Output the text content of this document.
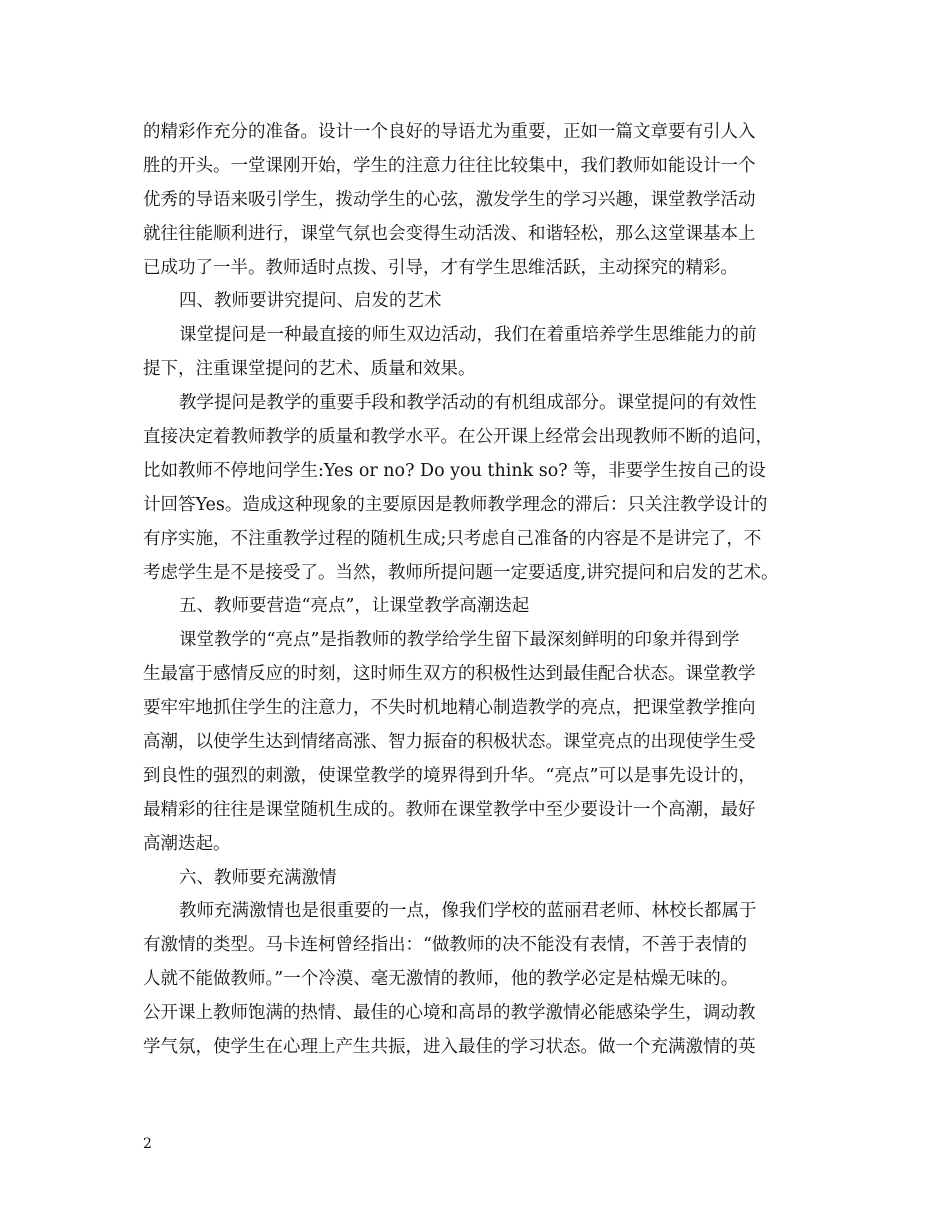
的精彩作充分的准备。设计一个良好的导语尤为重要，正如一篇文章要有引人入
胜的开头。一堂课刚开始，学生的注意力往往比较集中，我们教师如能设计一个
优秀的导语来吸引学生，拨动学生的心弦，激发学生的学习兴趣，课堂教学活动
就往往能顺利进行，课堂气氛也会变得生动活泼、和谐轻松，那么这堂课基本上
已成功了一半。教师适时点拨、引导，才有学生思维活跃，主动探究的精彩。
四、教师要讲究提问、启发的艺术
课堂提问是一种最直接的师生双边活动，我们在着重培养学生思维能力的前
提下，注重课堂提问的艺术、质量和效果。
教学提问是教学的重要手段和教学活动的有机组成部分。课堂提问的有效性
直接决定着教师教学的质量和教学水平。在公开课上经常会出现教师不断的追问，
比如教师不停地问学生:Yes or no? Do you think so? 等，非要学生按自己的设
计回答Yes。造成这种现象的主要原因是教师教学理念的滞后：只关注教学设计的
有序实施，不注重教学过程的随机生成;只考虑自己准备的内容是不是讲完了，不
考虑学生是不是接受了。当然，教师所提问题一定要适度,讲究提问和启发的艺术。
五、教师要营造“亮点”，让课堂教学高潮迭起
课堂教学的“亮点”是指教师的教学给学生留下最深刻鲜明的印象并得到学
生最富于感情反应的时刻，这时师生双方的积极性达到最佳配合状态。课堂教学
要牢牢地抓住学生的注意力，不失时机地精心制造教学的亮点，把课堂教学推向
高潮，以使学生达到情绪高涨、智力振奋的积极状态。课堂亮点的出现使学生受
到良性的强烈的刺激，使课堂教学的境界得到升华。“亮点”可以是事先设计的，
最精彩的往往是课堂随机生成的。教师在课堂教学中至少要设计一个高潮，最好
高潮迭起。
六、教师要充满激情
教师充满激情也是很重要的一点，像我们学校的蓝丽君老师、林校长都属于
有激情的类型。马卡连柯曾经指出：“做教师的决不能没有表情，不善于表情的
人就不能做教师。”一个冷漠、毫无激情的教师，他的教学必定是枯燥无味的。
公开课上教师饱满的热情、最佳的心境和高昂的教学激情必能感染学生，调动教
学气氛，使学生在心理上产生共振，进入最佳的学习状态。做一个充满激情的英
2
